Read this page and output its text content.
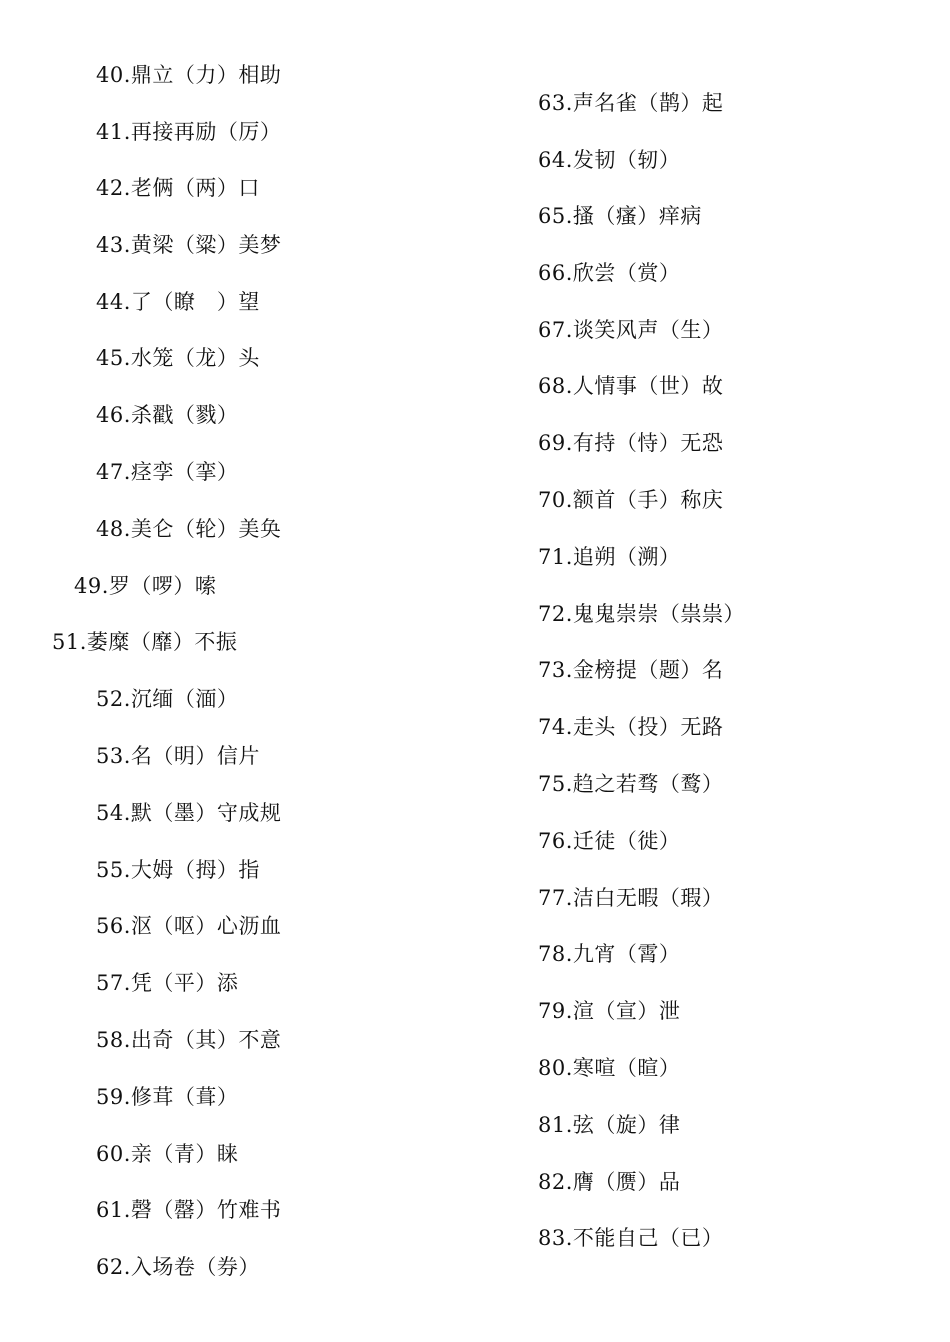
40.鼎立（力）相助
41.再接再励（厉）
42.老俩（两）口
43.黄梁（粱）美梦
44.了（瞭　）望
45.水笼（龙）头
46.杀戳（戮）
47.痉孪（挛）
48.美仑（轮）美奂
49.罗（啰）嗦
51.萎糜（靡）不振
52.沉缅（湎）
53.名（明）信片
54.默（墨）守成规
55.大姆（拇）指
56.沤（呕）心沥血
57.凭（平）添
58.出奇（其）不意
59.修茸（葺）
60.亲（青）睐
61.磬（罄）竹难书
62.入场卷（券）
63.声名雀（鹊）起
64.发韧（轫）
65.搔（瘙）痒病
66.欣尝（赏）
67.谈笑风声（生）
68.人情事（世）故
69.有持（恃）无恐
70.额首（手）称庆
71.追朔（溯）
72.鬼鬼崇崇（祟祟）
73.金榜提（题）名
74.走头（投）无路
75.趋之若骛（鹜）
76.迁徒（徙）
77.洁白无暇（瑕）
78.九宵（霄）
79.渲（宣）泄
80.寒喧（暄）
81.弦（旋）律
82.膺（赝）品
83.不能自己（已）
